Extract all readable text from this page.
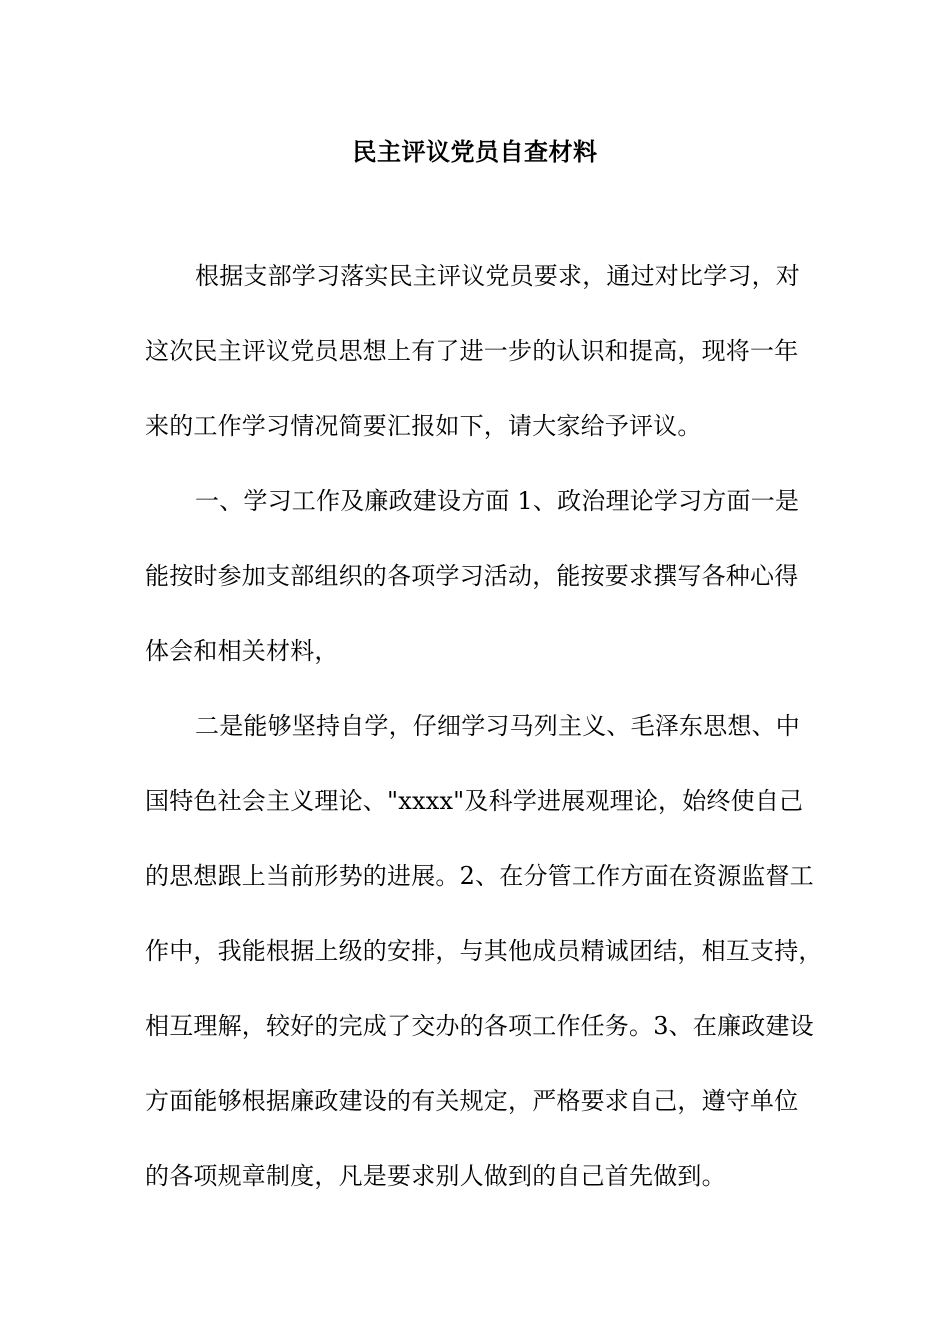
民主评议党员自查材料
根据支部学习落实民主评议党员要求，通过对比学习，对
这次民主评议党员思想上有了进一步的认识和提高，现将一年
来的工作学习情况简要汇报如下，请大家给予评议。
一、学习工作及廉政建设方面 1、政治理论学习方面一是
能按时参加支部组织的各项学习活动，能按要求撰写各种心得
体会和相关材料，
二是能够坚持自学，仔细学习马列主义、毛泽东思想、中
国特色社会主义理论、"xxxx"及科学进展观理论，始终使自己
的思想跟上当前形势的进展。2、在分管工作方面在资源监督工
作中，我能根据上级的安排，与其他成员精诚团结，相互支持，
相互理解，较好的完成了交办的各项工作任务。3、在廉政建设
方面能够根据廉政建设的有关规定，严格要求自己，遵守单位
的各项规章制度，凡是要求别人做到的自己首先做到。
